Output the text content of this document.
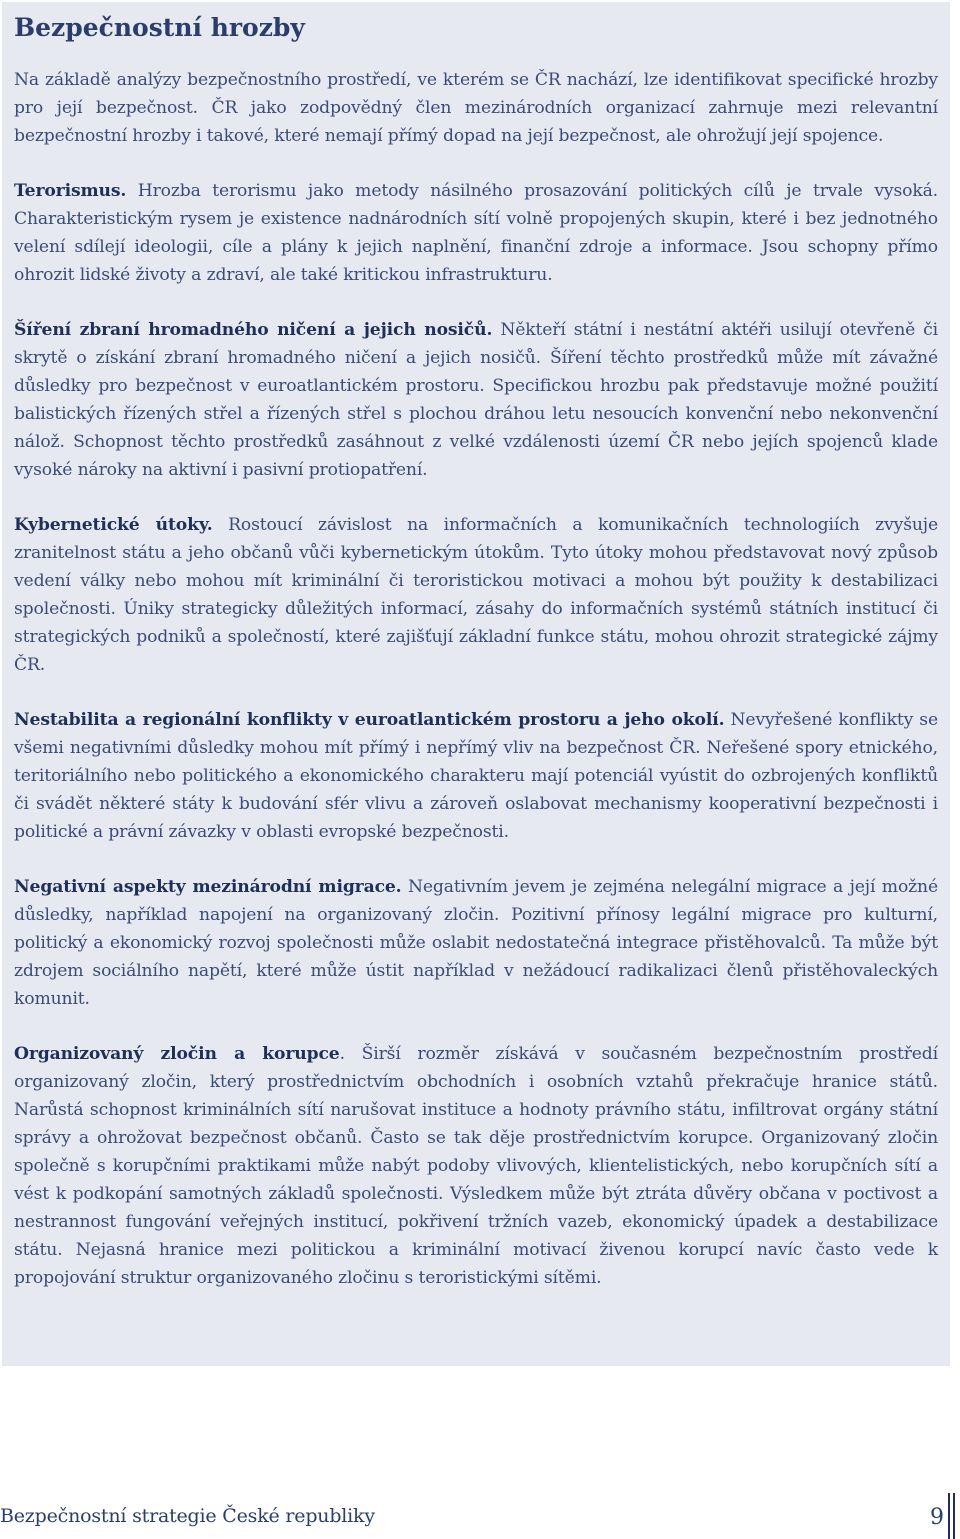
Bezpečnostní hrozby

Na základě analýzy bezpečnostního prostředí, ve kterém se ČR nachází, lze identifikovat specifické hrozby pro její bezpečnost. ČR jako zodpovědný člen mezinárodních organizací zahrnuje mezi relevantní bezpečnostní hrozby i takové, které nemají přímý dopad na její bezpečnost, ale ohrožují její spojence.

Terorismus. Hrozba terorismu jako metody násilného prosazování politických cílů je trvale vysoká. Charakteristickým rysem je existence nadnárodních sítí volně propojených skupin, které i bez jednotného velení sdílejí ideologii, cíle a plány k jejich naplnění, finanční zdroje a informace. Jsou schopny přímo ohrozit lidské životy a zdraví, ale také kritickou infrastrukturu.

Šíření zbraní hromadného ničení a jejich nosičů. Někteří státní i nestátní aktéři usilují otevřeně či skrytě o získání zbraní hromadného ničení a jejich nosičů. Šíření těchto prostředků může mít závažné důsledky pro bezpečnost v euroatlantickém prostoru. Specifickou hrozbu pak představuje možné použití balistických řízených střel a řízených střel s plochou dráhou letu nesoucích konvenční nebo nekonvenční nálož. Schopnost těchto prostředků zasáhnout z velké vzdálenosti území ČR nebo jejích spojenců klade vysoké nároky na aktivní i pasivní protiopatření.

Kybernetické útoky. Rostoucí závislost na informačních a komunikačních technologiích zvyšuje zranitelnost státu a jeho občanů vůči kybernetickým útokům. Tyto útoky mohou představovat nový způsob vedení války nebo mohou mít kriminální či teroristickou motivaci a mohou být použity k destabilizaci společnosti. Úniky strategicky důležitých informací, zásahy do informačních systémů státních institucí či strategických podniků a společností, které zajišťují základní funkce státu, mohou ohrozit strategické zájmy ČR.

Nestabilita a regionální konflikty v euroatlantickém prostoru a jeho okolí. Nevyřešené konflikty se všemi negativními důsledky mohou mít přímý i nepřímý vliv na bezpečnost ČR. Neřešené spory etnického, teritoriálního nebo politického a ekonomického charakteru mají potenciál vyústit do ozbrojených konfliktů či svádět některé státy k budování sfér vlivu a zároveň oslabovat mechanismy kooperativní bezpečnosti i politické a právní závazky v oblasti evropské bezpečnosti.

Negativní aspekty mezinárodní migrace. Negativním jevem je zejména nelegální migrace a její možné důsledky, například napojení na organizovaný zločin. Pozitivní přínosy legální migrace pro kulturní, politický a ekonomický rozvoj společnosti může oslabit nedostatečná integrace přistěhovalců. Ta může být zdrojem sociálního napětí, které může ústit například v nežádoucí radikalizaci členů přistěhovaleckých komunit.

Organizovaný zločin a korupce. Širší rozměr získává v současném bezpečnostním prostředí organizovaný zločin, který prostřednictvím obchodních i osobních vztahů překračuje hranice států. Narůstá schopnost kriminálních sítí narušovat instituce a hodnoty právního státu, infiltrovat orgány státní správy a ohrožovat bezpečnost občanů. Často se tak děje prostřednictvím korupce. Organizovaný zločin společně s korupčními praktikami může nabýt podoby vlivových, klientelistických, nebo korupčních sítí a vést k podkopání samotných základů společnosti. Výsledkem může být ztráta důvěry občana v poctivost a nestrannost fungování veřejných institucí, pokřivení tržních vazeb, ekonomický úpadek a destabilizace státu. Nejasná hranice mezi politickou a kriminální motivací živenou korupcí navíc často vede k propojování struktur organizovaného zločinu s teroristickými sítěmi.

Bezpečnostní strategie České republiky	9
